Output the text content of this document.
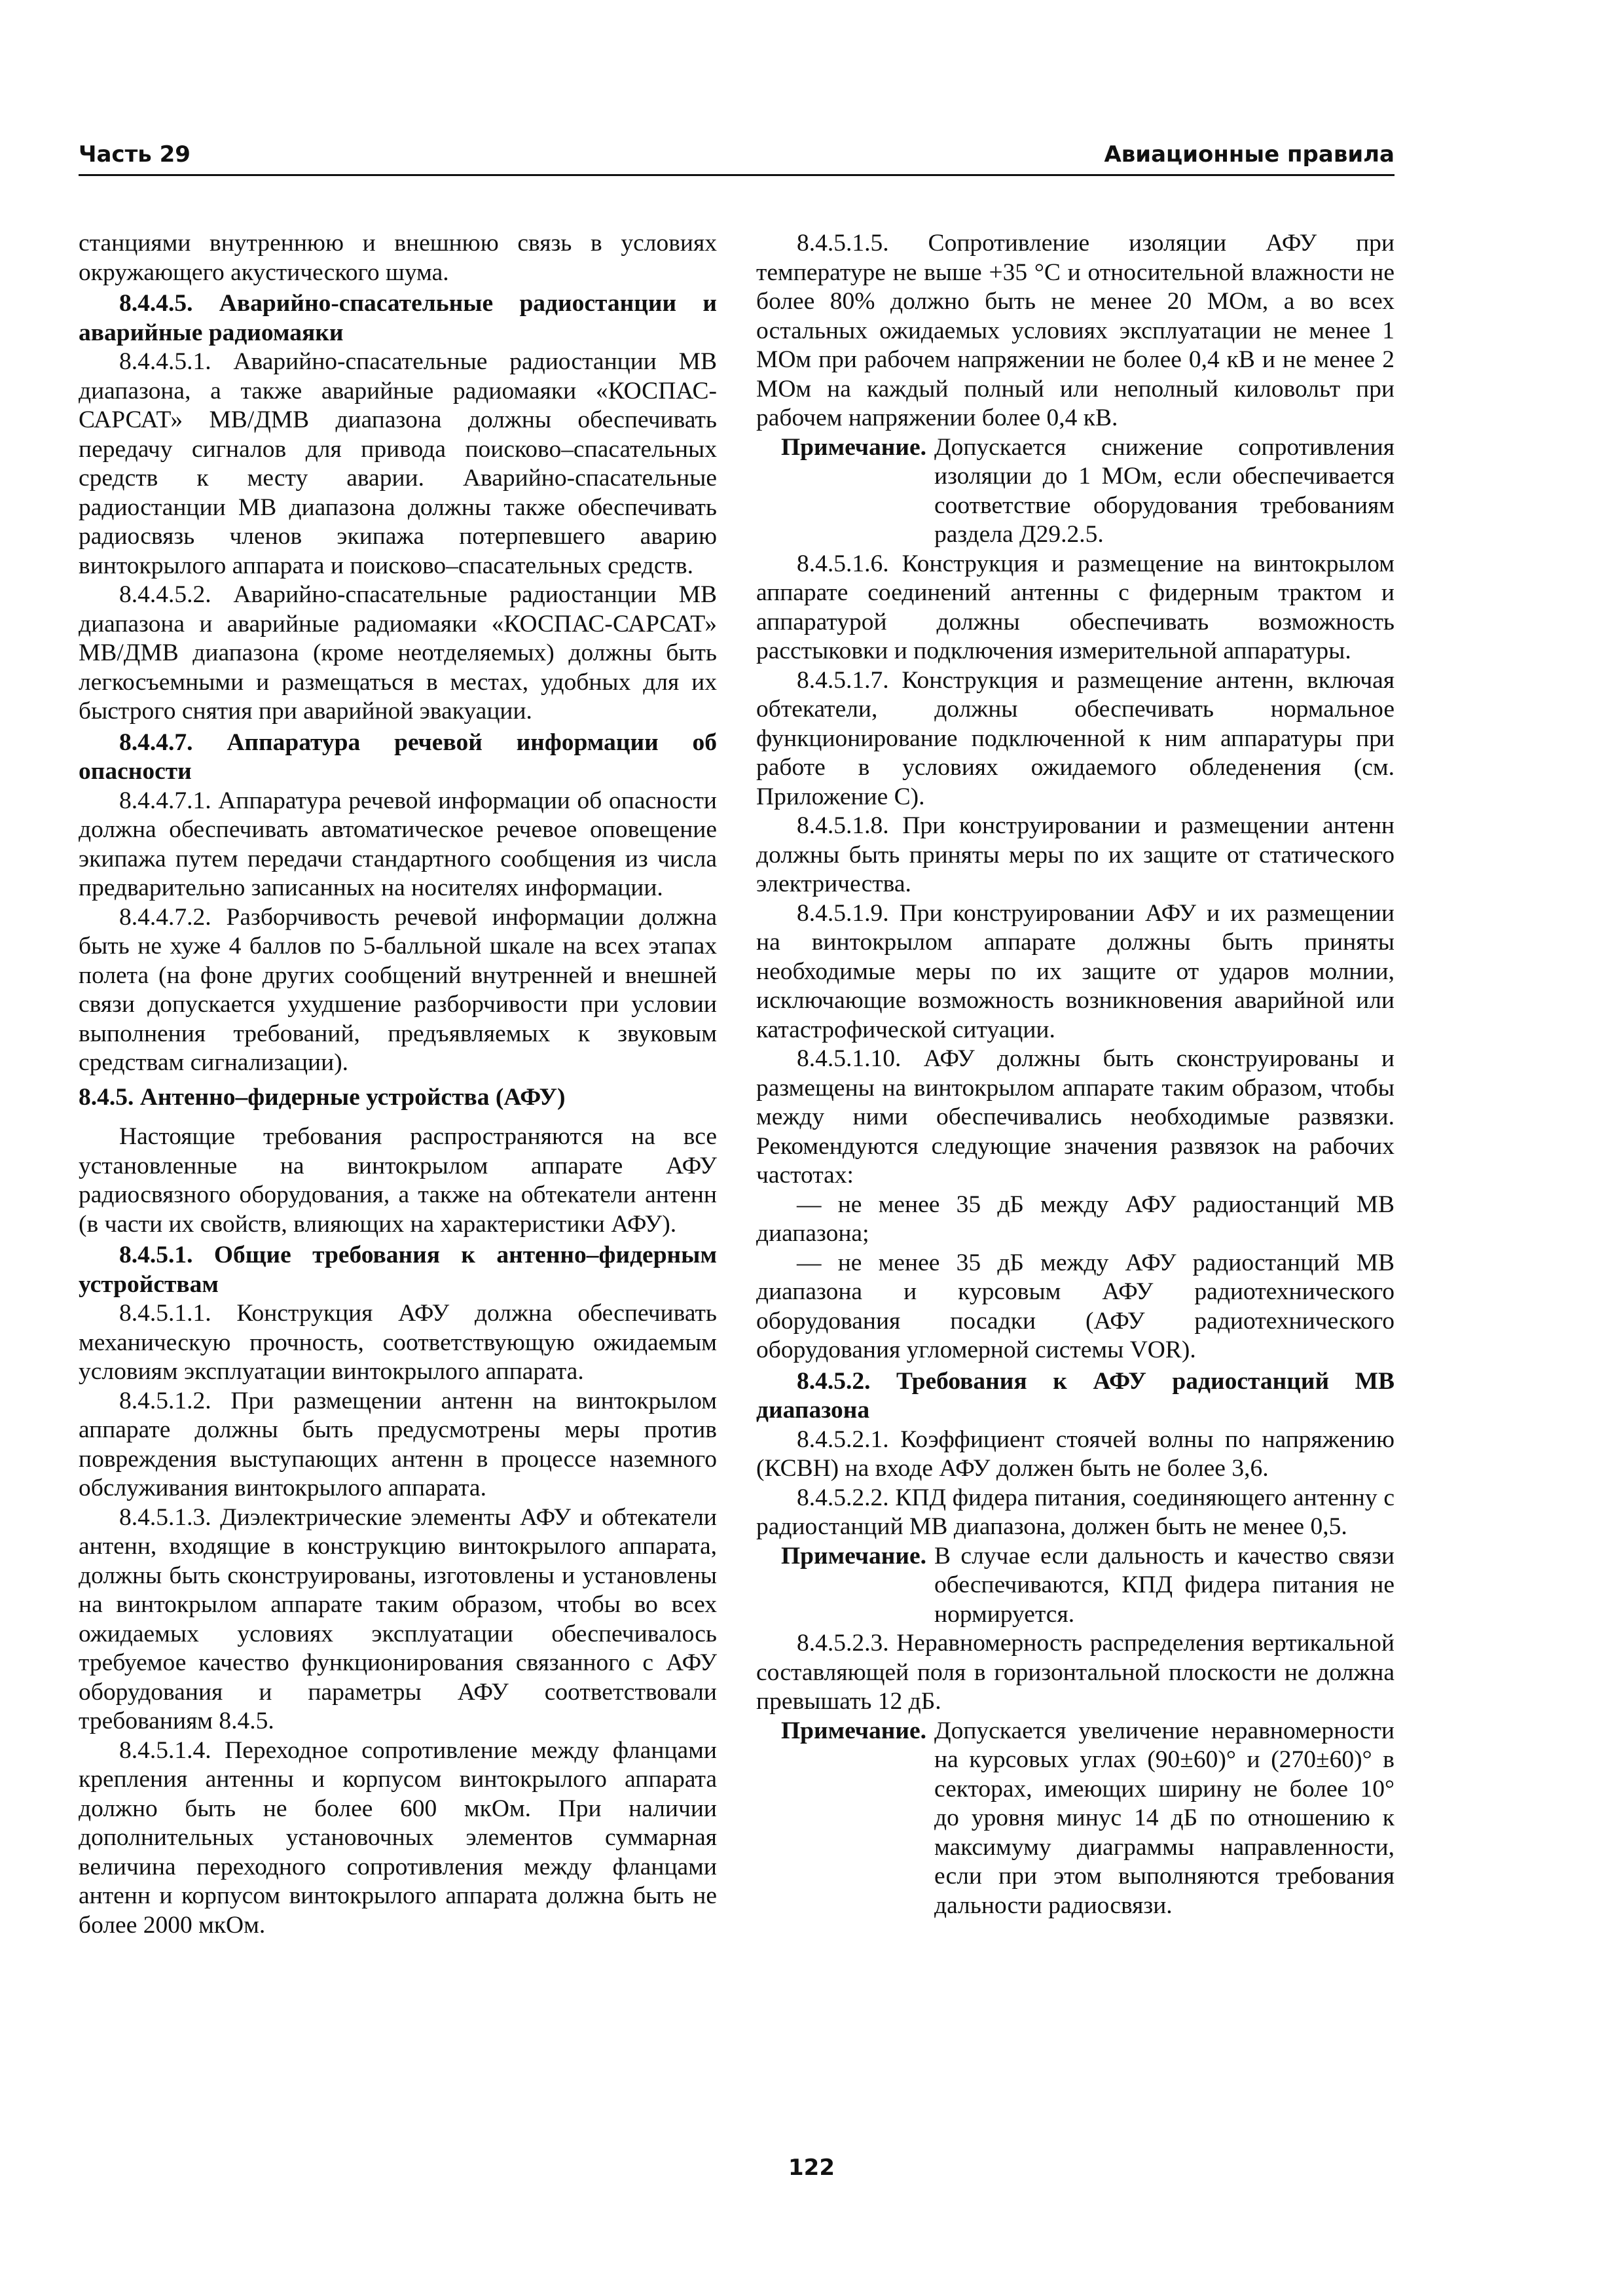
Часть 29	Авиационные правила

станциями внутреннюю и внешнюю связь в условиях окружающего акустического шума.

8.4.4.5. Аварийно-спасательные радиостанции и аварийные радиомаяки

8.4.4.5.1. Аварийно-спасательные радиостанции МВ диапазона, а также аварийные радиомаяки «КОСПАС-САРСАТ» МВ/ДМВ диапазона должны обеспечивать передачу сигналов для привода поисково–спасательных средств к месту аварии. Аварийно-спасательные радиостанции МВ диапазона должны также обеспечивать радиосвязь членов экипажа потерпевшего аварию винтокрылого аппарата и поисково–спасательных средств.

8.4.4.5.2. Аварийно-спасательные радиостанции МВ диапазона и аварийные радиомаяки «КОСПАС-САРСАТ» МВ/ДМВ диапазона (кроме неотделяемых) должны быть легкосъемными и размещаться в местах, удобных для их быстрого снятия при аварийной эвакуации.

8.4.4.7. Аппаратура речевой информации об опасности

8.4.4.7.1. Аппаратура речевой информации об опасности должна обеспечивать автоматическое речевое оповещение экипажа путем передачи стандартного сообщения из числа предварительно записанных на носителях информации.

8.4.4.7.2. Разборчивость речевой информации должна быть не хуже 4 баллов по 5-балльной шкале на всех этапах полета (на фоне других сообщений внутренней и внешней связи допускается ухудшение разборчивости при условии выполнения требований, предъявляемых к звуковым средствам сигнализации).

8.4.5. Антенно–фидерные устройства (АФУ)

Настоящие требования распространяются на все установленные на винтокрылом аппарате АФУ радиосвязного оборудования, а также на обтекатели антенн (в части их свойств, влияющих на характеристики АФУ).

8.4.5.1. Общие требования к антенно–фидерным устройствам

8.4.5.1.1. Конструкция АФУ должна обеспечивать механическую прочность, соответствующую ожидаемым условиям эксплуатации винтокрылого аппарата.

8.4.5.1.2. При размещении антенн на винтокрылом аппарате должны быть предусмотрены меры против повреждения выступающих антенн в процессе наземного обслуживания винтокрылого аппарата.

8.4.5.1.3. Диэлектрические элементы АФУ и обтекатели антенн, входящие в конструкцию винтокрылого аппарата, должны быть сконструированы, изготовлены и установлены на винтокрылом аппарате таким образом, чтобы во всех ожидаемых условиях эксплуатации обеспечивалось требуемое качество функционирования связанного с АФУ оборудования и параметры АФУ соответствовали требованиям 8.4.5.

8.4.5.1.4. Переходное сопротивление между фланцами крепления антенны и корпусом винтокрылого аппарата должно быть не более 600 мкОм. При наличии дополнительных установочных элементов суммарная величина переходного сопротивления между фланцами антенн и корпусом винтокрылого аппарата должна быть не более 2000 мкОм.

8.4.5.1.5. Сопротивление изоляции АФУ при температуре не выше +35 °С и относительной влажности не более 80% должно быть не менее 20 МОм, а во всех остальных ожидаемых условиях эксплуатации не менее 1 МОм при рабочем напряжении не более 0,4 кВ и не менее 2 МОм на каждый полный или неполный киловольт при рабочем напряжении более 0,4 кВ.

Примечание. Допускается снижение сопротивления изоляции до 1 МОм, если обеспечивается соответствие оборудования требованиям раздела Д29.2.5.

8.4.5.1.6. Конструкция и размещение на винтокрылом аппарате соединений антенны с фидерным трактом и аппаратурой должны обеспечивать возможность расстыковки и подключения измерительной аппаратуры.

8.4.5.1.7. Конструкция и размещение антенн, включая обтекатели, должны обеспечивать нормальное функционирование подключенной к ним аппаратуры при работе в условиях ожидаемого обледенения (см. Приложение С).

8.4.5.1.8. При конструировании и размещении антенн должны быть приняты меры по их защите от статического электричества.

8.4.5.1.9. При конструировании АФУ и их размещении на винтокрылом аппарате должны быть приняты необходимые меры по их защите от ударов молнии, исключающие возможность возникновения аварийной или катастрофической ситуации.

8.4.5.1.10. АФУ должны быть сконструированы и размещены на винтокрылом аппарате таким образом, чтобы между ними обеспечивались необходимые развязки. Рекомендуются следующие значения развязок на рабочих частотах:

— не менее 35 дБ между АФУ радиостанций МВ диапазона;

— не менее 35 дБ между АФУ радиостанций МВ диапазона и курсовым АФУ радиотехнического оборудования посадки (АФУ радиотехнического оборудования угломерной системы VOR).

8.4.5.2. Требования к АФУ радиостанций МВ диапазона

8.4.5.2.1. Коэффициент стоячей волны по напряжению (КСВН) на входе АФУ должен быть не более 3,6.

8.4.5.2.2. КПД фидера питания, соединяющего антенну с радиостанций МВ диапазона, должен быть не менее 0,5.

Примечание. В случае если дальность и качество связи обеспечиваются, КПД фидера питания не нормируется.

8.4.5.2.3. Неравномерность распределения вертикальной составляющей поля в горизонтальной плоскости не должна превышать 12 дБ.

Примечание. Допускается увеличение неравномерности на курсовых углах (90±60)° и (270±60)° в секторах, имеющих ширину не более 10° до уровня минус 14 дБ по отношению к максимуму диаграммы направленности, если при этом выполняются требования дальности радиосвязи.
122
